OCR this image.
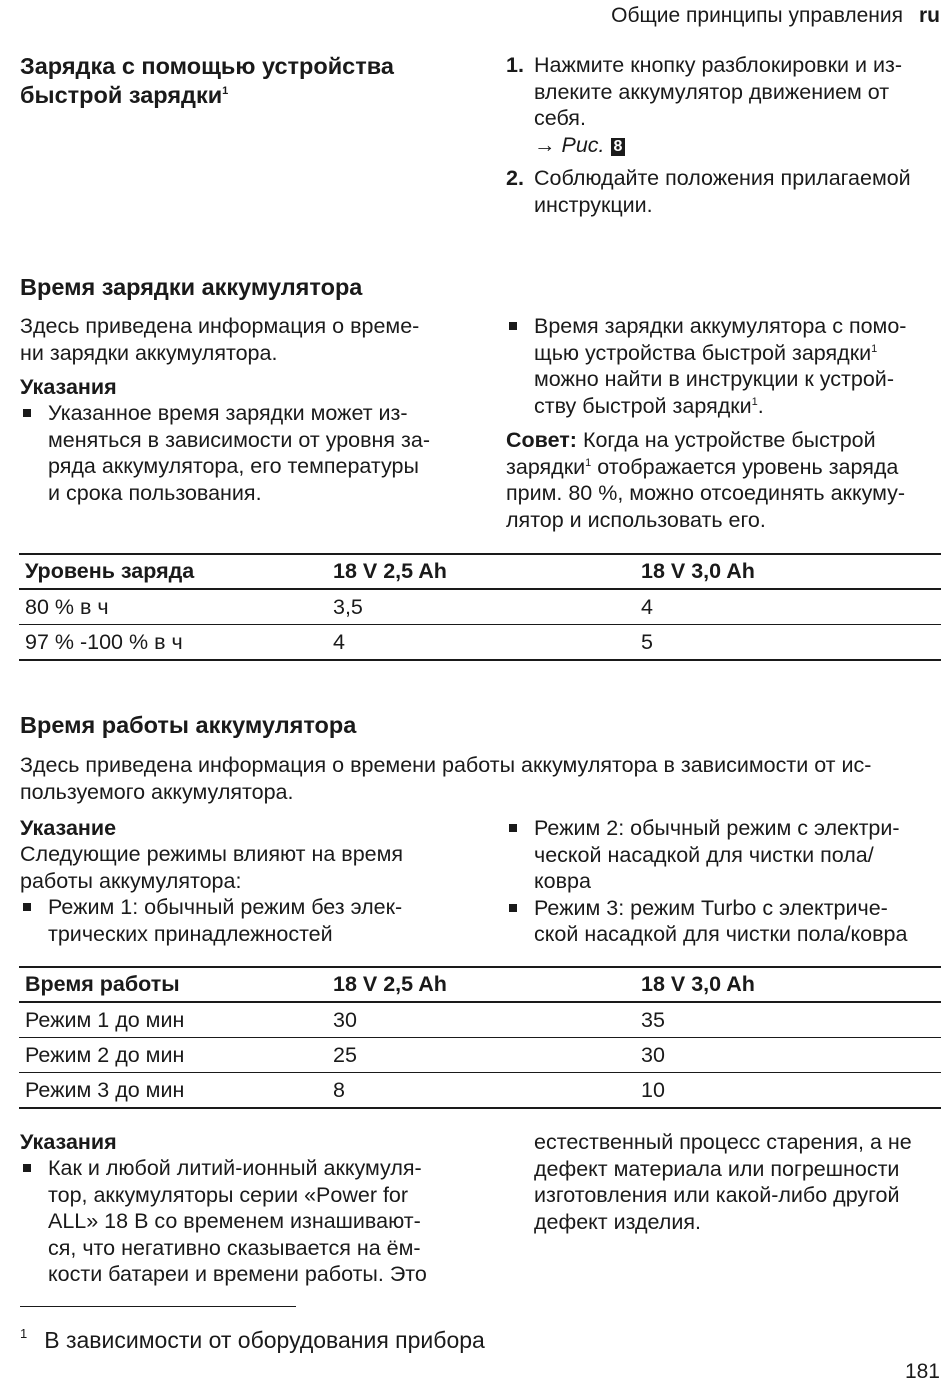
Общие принципы управления ru
Зарядка с помощью устройства
быстрой зарядки$^1$
1. Нажмите кнопку разблокировки и из-
влеките аккумулятор движением от
себя.
→ Рис. 8
2. Соблюдайте положения прилагаемой
инструкции.
Время зарядки аккумулятора

Здесь приведена информация о време-
ни зарядки аккумулятора.

Указания
Указанное время зарядки может из-
меняться в зависимости от уровня за-
ряда аккумулятора, его температуры
и срока пользования.
Время зарядки аккумулятора с помо-
щью устройства быстрой зарядки$^1$
можно найти в инструкции к устрой-
ству быстрой зарядки$^1$.

Совет: Когда на устройстве быстрой
зарядки$^1$ отображается уровень заряда
прим. 80 %, можно отсоединять аккуму-
лятор и использовать его.

Уровень заряда	18 V 2,5 Ah	18 V 3,0 Ah
80 % в ч	3,5	4
97 % -100 % в ч	4	5
Время работы аккумулятора

Здесь приведена информация о времени работы аккумулятора в зависимости от ис-
пользуемого аккумулятора.

Указание

Следующие режимы влияют на время
работы аккумулятора:

Режим 1: обычный режим без элек-
трических принадлежностей
Режим 2: обычный режим с электри-
ческой насадкой для чистки пола/
ковра
Режим 3: режим Turbo с электриче-
ской насадкой для чистки пола/ковра
Время работы	18 V 2,5 Ah	18 V 3,0 Ah
Режим 1 до мин	30	35
Режим 2 до мин	25	30
Режим 3 до мин	8	10
Указания
Как и любой литий-ионный аккумуля-
тор, аккумуляторы серии «Power for
ALL» 18 В со временем изнашивают-
ся, что негативно сказывается на ём-
кости батареи и времени работы. Это

естественный процесс старения, а не
дефект материала или погрешности
изготовления или какой-либо другой
дефект изделия.

$^1$ В зависимости от оборудования прибора
181
